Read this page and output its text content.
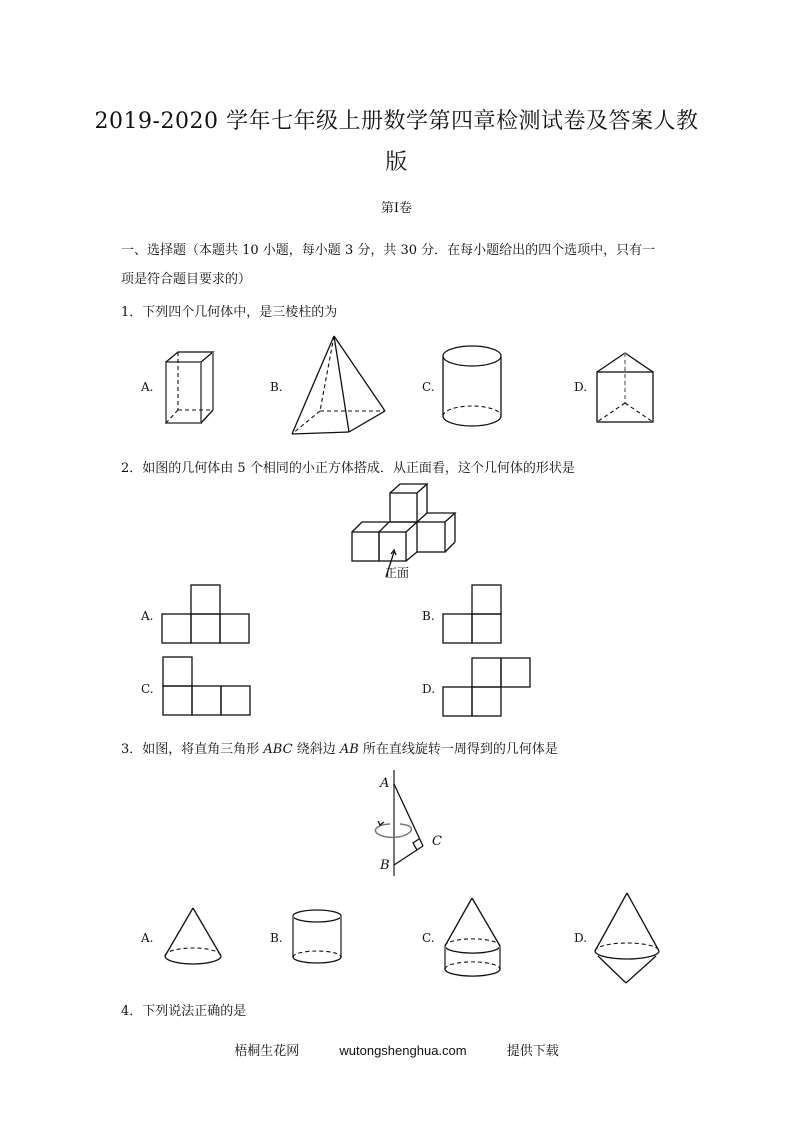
2019-2020 学年七年级上册数学第四章检测试卷及答案人教
版
第Ⅰ卷
一、选择题（本题共 10 小题，每小题 3 分，共 30 分．在每小题给出的四个选项中，只有一
项是符合题目要求的）
1．下列四个几何体中，是三棱柱的为
A.	B.	C.	D.
2．如图的几何体由 5 个相同的小正方体搭成．从正面看，这个几何体的形状是
正面
A.	B.
C.	D.
3．如图，将直角三角形 ABC 绕斜边 AB 所在直线旋转一周得到的几何体是
A
C
B
A.	B.	C.	D.
4．下列说法正确的是
梧桐生花网	wutongshenghua.com	提供下载
